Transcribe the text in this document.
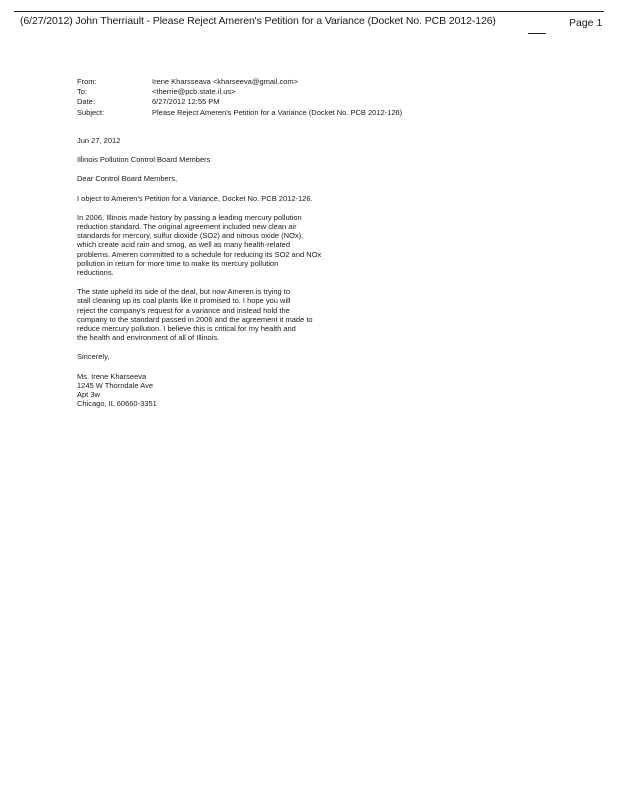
(6/27/2012) John Therriault - Please Reject Ameren's Petition for a Variance (Docket No. PCB 2012-126)	Page 1
From:	Irene Kharsseava <kharseeva@gmail.com>
To:	<therrie@pcb.state.il.us>
Date:	6/27/2012 12:55 PM
Subject:	Please Reject Ameren's Petition for a Variance (Docket No. PCB 2012-126)

Jun 27, 2012

Illinois Pollution Control Board Members

Dear Control Board Members,

I object to Ameren's Petition for a Variance, Docket No. PCB 2012-126.

In 2006, Illinois made history by passing a leading mercury pollution
reduction standard. The original agreement included new clean air
standards for mercury, sulfur dioxide (SO2) and nitrous oxide (NOx),
which create acid rain and smog, as well as many health-related
problems. Ameren committed to a schedule for reducing its SO2 and NOx
pollution in return for more time to make its mercury pollution
reductions.

The state upheld its side of the deal, but now Ameren is trying to
stall cleaning up its coal plants like it promised to. I hope you will
reject the company's request for a variance and instead hold the
company to the standard passed in 2006 and the agreement it made to
reduce mercury pollution. I believe this is critical for my health and
the health and environment of all of Illinois.

Sincerely,

Ms. Irene Kharseeva
1245 W Thorndale Ave
Apt 3w
Chicago, IL 60660-3351
